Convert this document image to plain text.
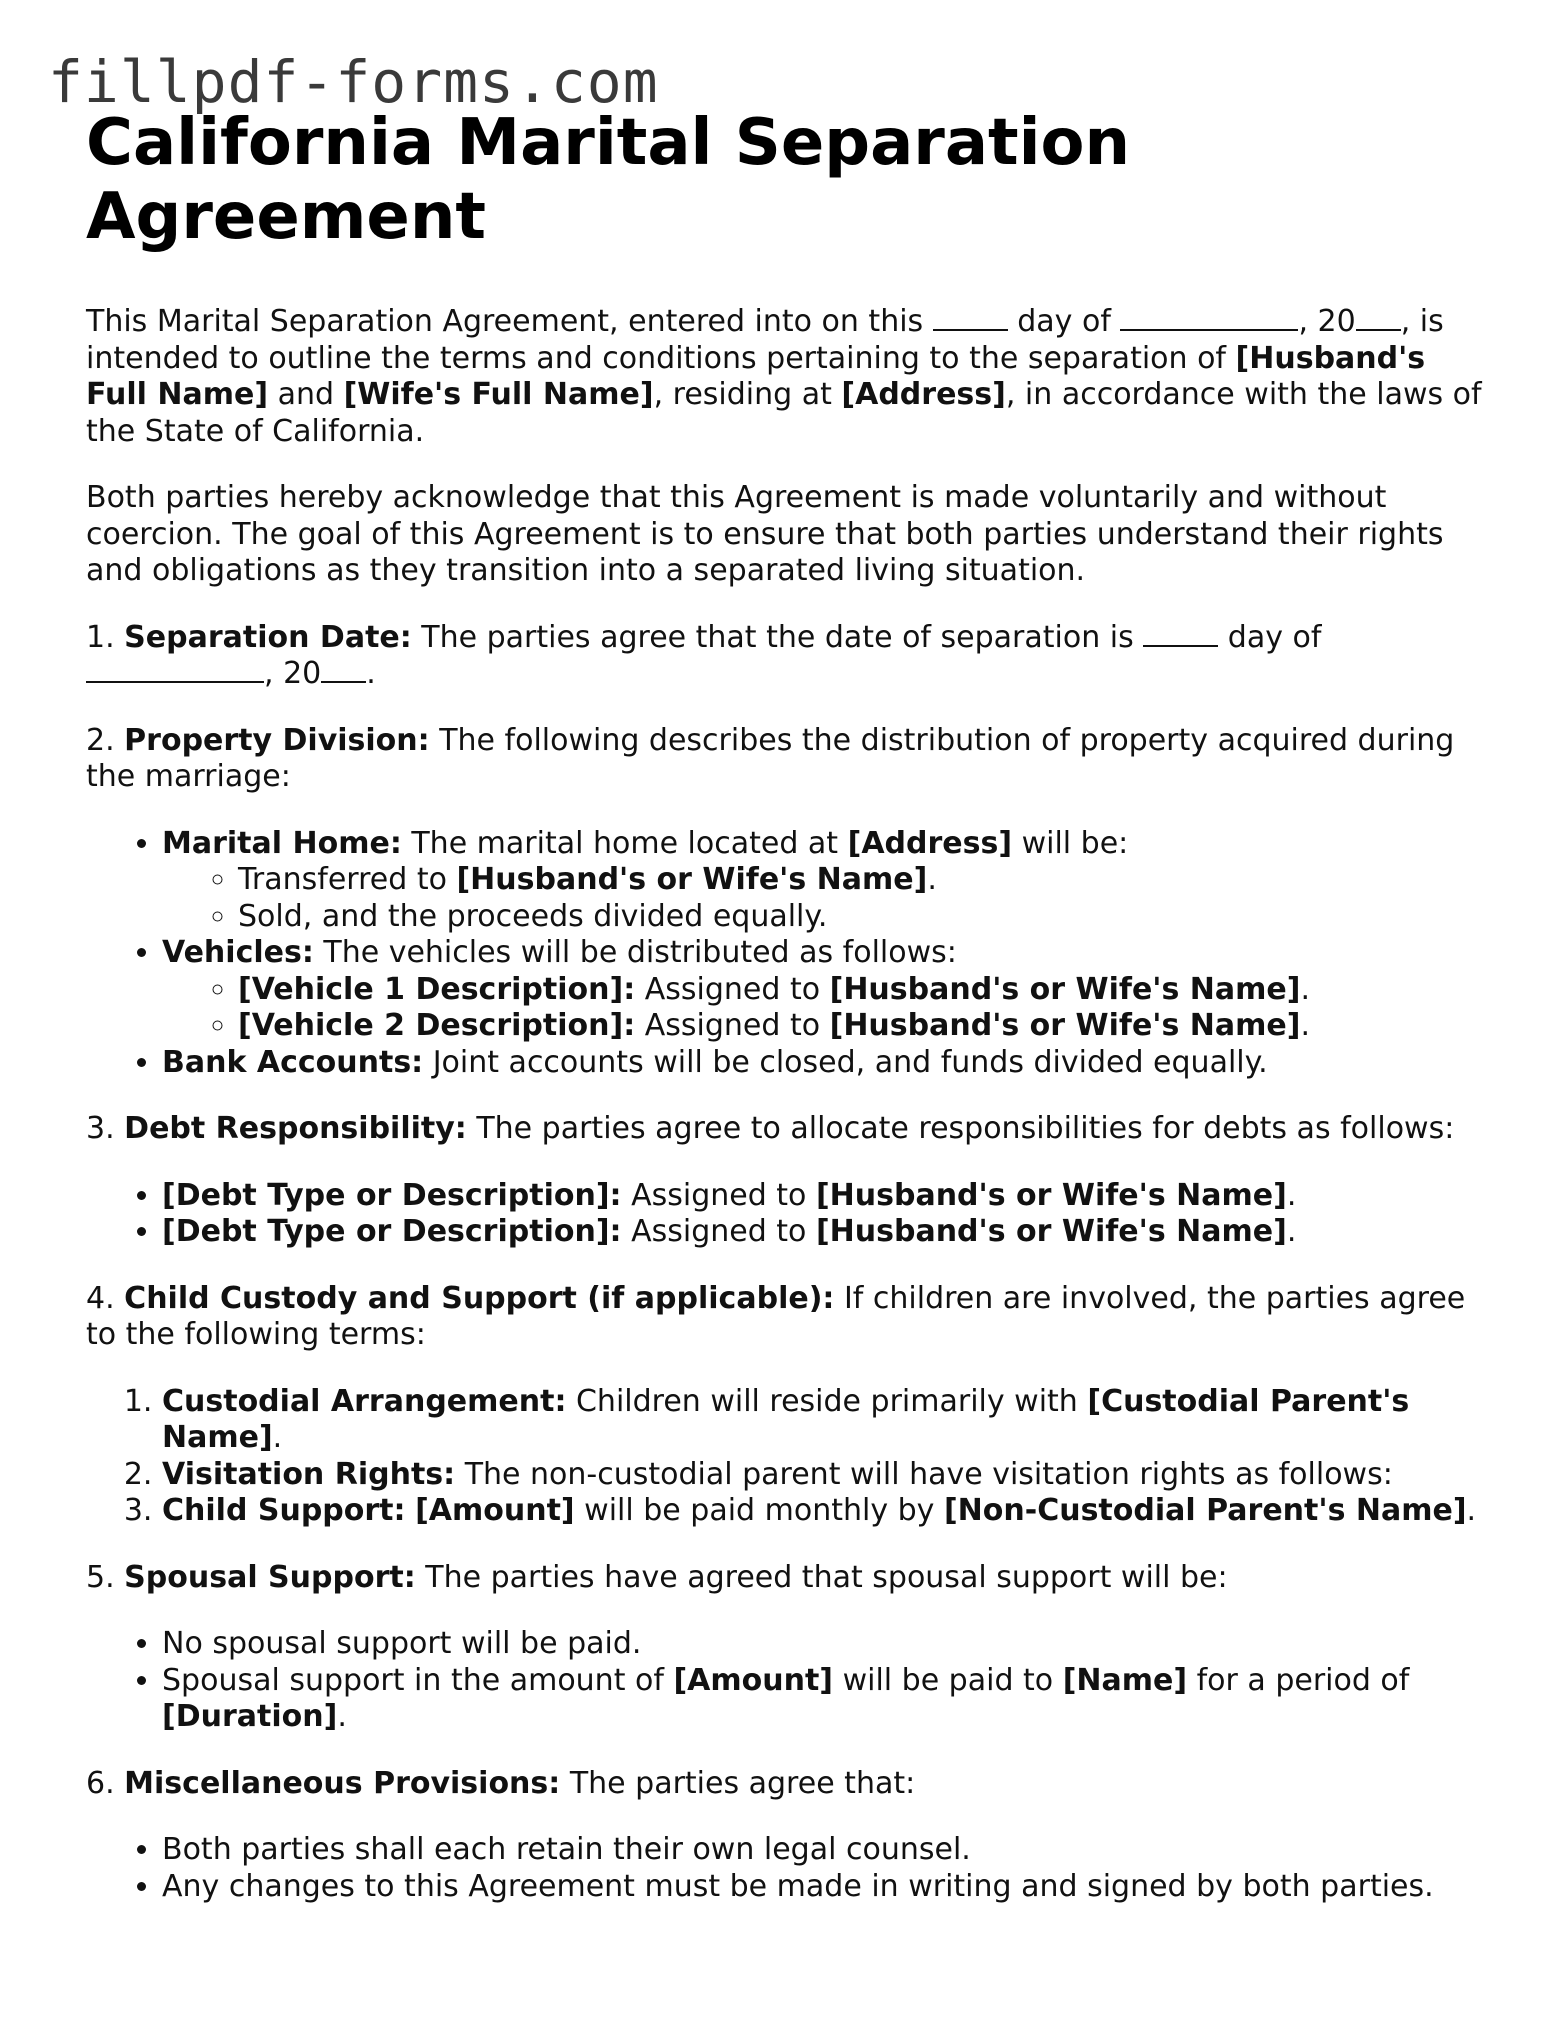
fillpdf-forms.com
California Marital Separation Agreement

This Marital Separation Agreement, entered into on this	day of	, 20 , is intended to outline the terms and conditions pertaining to the separation of [Husband's Full Name] and [Wife's Full Name], residing at [Address], in accordance with the laws of the State of California.

Both parties hereby acknowledge that this Agreement is made voluntarily and without coercion. The goal of this Agreement is to ensure that both parties understand their rights and obligations as they transition into a separated living situation.

1. Separation Date: The parties agree that the date of separation is	day of , 20 .

2. Property Division: The following describes the distribution of property acquired during the marriage:

• Marital Home: The marital home located at [Address] will be:
◦ Transferred to [Husband's or Wife's Name].
◦ Sold, and the proceeds divided equally.
• Vehicles: The vehicles will be distributed as follows:
◦ [Vehicle 1 Description]: Assigned to [Husband's or Wife's Name].
◦ [Vehicle 2 Description]: Assigned to [Husband's or Wife's Name].
• Bank Accounts: Joint accounts will be closed, and funds divided equally.

3. Debt Responsibility: The parties agree to allocate responsibilities for debts as follows:

• [Debt Type or Description]: Assigned to [Husband's or Wife's Name].
• [Debt Type or Description]: Assigned to [Husband's or Wife's Name].

4. Child Custody and Support (if applicable): If children are involved, the parties agree to the following terms:

1. Custodial Arrangement: Children will reside primarily with [Custodial Parent's Name].
2. Visitation Rights: The non-custodial parent will have visitation rights as follows:
3. Child Support: [Amount] will be paid monthly by [Non-Custodial Parent's Name].

5. Spousal Support: The parties have agreed that spousal support will be:

• No spousal support will be paid.
• Spousal support in the amount of [Amount] will be paid to [Name] for a period of [Duration].

6. Miscellaneous Provisions: The parties agree that:

• Both parties shall each retain their own legal counsel.
• Any changes to this Agreement must be made in writing and signed by both parties.
